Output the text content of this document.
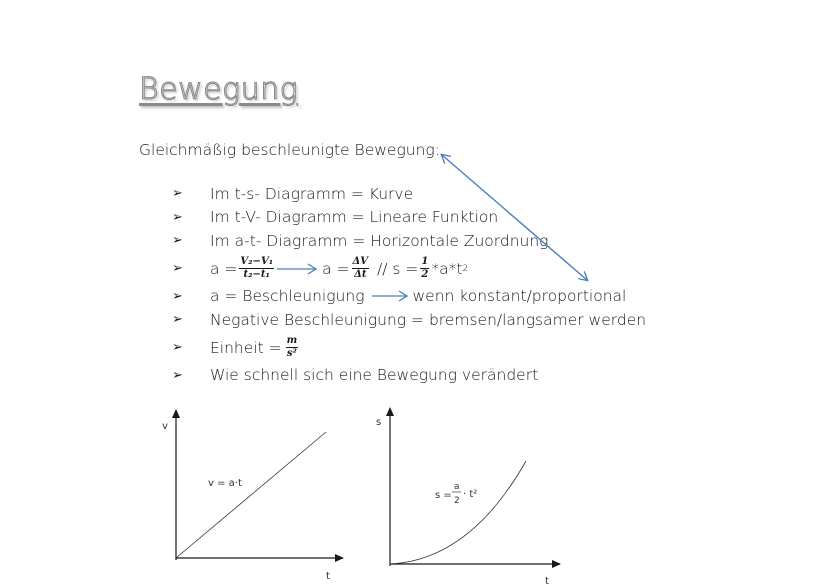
Bewegung
Gleichmäßig beschleunigte Bewegung:
➢	Im t-s- Diagramm = Kurve
➢	Im t-V- Diagramm = Lineare Funktion
➢	Im a-t- Diagramm = Horizontale Zuordnung
➢	$a = \frac{\text{V₂−V₁}}{\text{t₂−t₁}}$	$a = \frac{\Delta V}{\Delta t} // s = \frac{1}{2} *a*t$ 2
➢	a = Beschleunigung	wenn konstant/proportional
➢	Negative Beschleunigung = bremsen/langsamer werden
➢	Einheit = $\frac{m}{\text{s²}}$
➢	Wie schnell sich eine Bewegung verändert
v
t
v = a·t
s
t
s =
a
2
· t²
